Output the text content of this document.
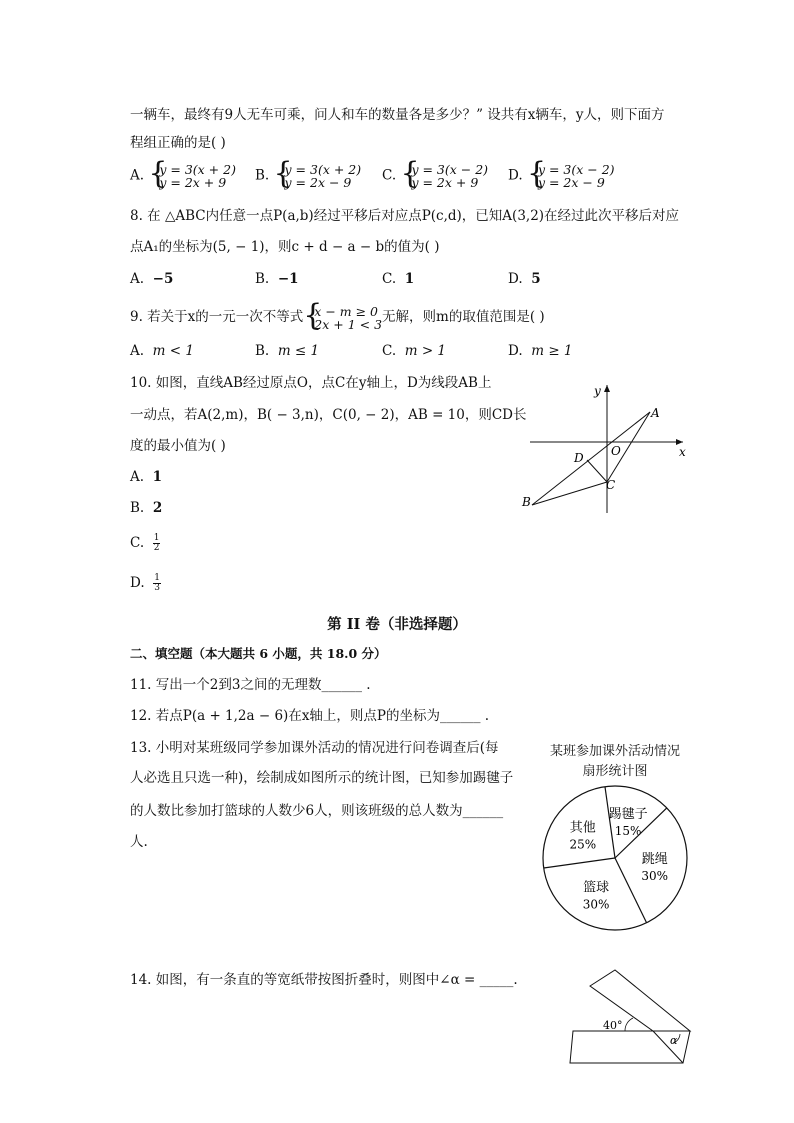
一辆车，最终有9人无车可乘，问人和车的数量各是多少？” 设共有x辆车，y人，则下面方
程组正确的是( )
A. { y = 3(x + 2)
y = 2x + 9	B. { y = 3(x + 2)
y = 2x − 9	C. { y = 3(x − 2)
y = 2x + 9	D. { y = 3(x − 2)
y = 2x − 9
8. 在 △ABC内任意一点P(a,b)经过平移后对应点P(c,d)，已知A(3,2)在经过此次平移后对应
点A₁的坐标为(5, − 1)，则c + d − a − b的值为( )
A. −5	B. −1	C. 1	D. 5
9. 若关于x的一元一次不等式 { x − m ≥ 0
2x + 1 < 3 无解，则m的取值范围是( )
A. m < 1	B. m ≤ 1	C. m > 1	D. m ≥ 1
10. 如图，直线AB经过原点O，点C在y轴上，D为线段AB上
一动点，若A(2,m)，B( − 3,n)，C(0, − 2)，AB = 10，则CD长
度的最小值为( )
A. 1
B. 2
C. $\frac{1}{2}$
D. $\frac{1}{3}$
y
x
A
B
C
D O
第 II 卷（非选择题）
二、填空题（本大题共 6 小题，共 18.0 分）
11. 写出一个2到3之间的无理数______ .
12. 若点P(a + 1,2a − 6)在x轴上，则点P的坐标为______ .
13. 小明对某班级同学参加课外活动的情况进行问卷调查后(每
人必选且只选一种)，绘制成如图所示的统计图，已知参加踢毽子
的人数比参加打篮球的人数少6人，则该班级的总人数为______
人.
某班参加课外活动情况
扇形统计图
踢毽子
15%
跳绳
30%
篮球
30%
其他
25%
14. 如图，有一条直的等宽纸带按图折叠时，则图中∠α = _____.
40°
α
